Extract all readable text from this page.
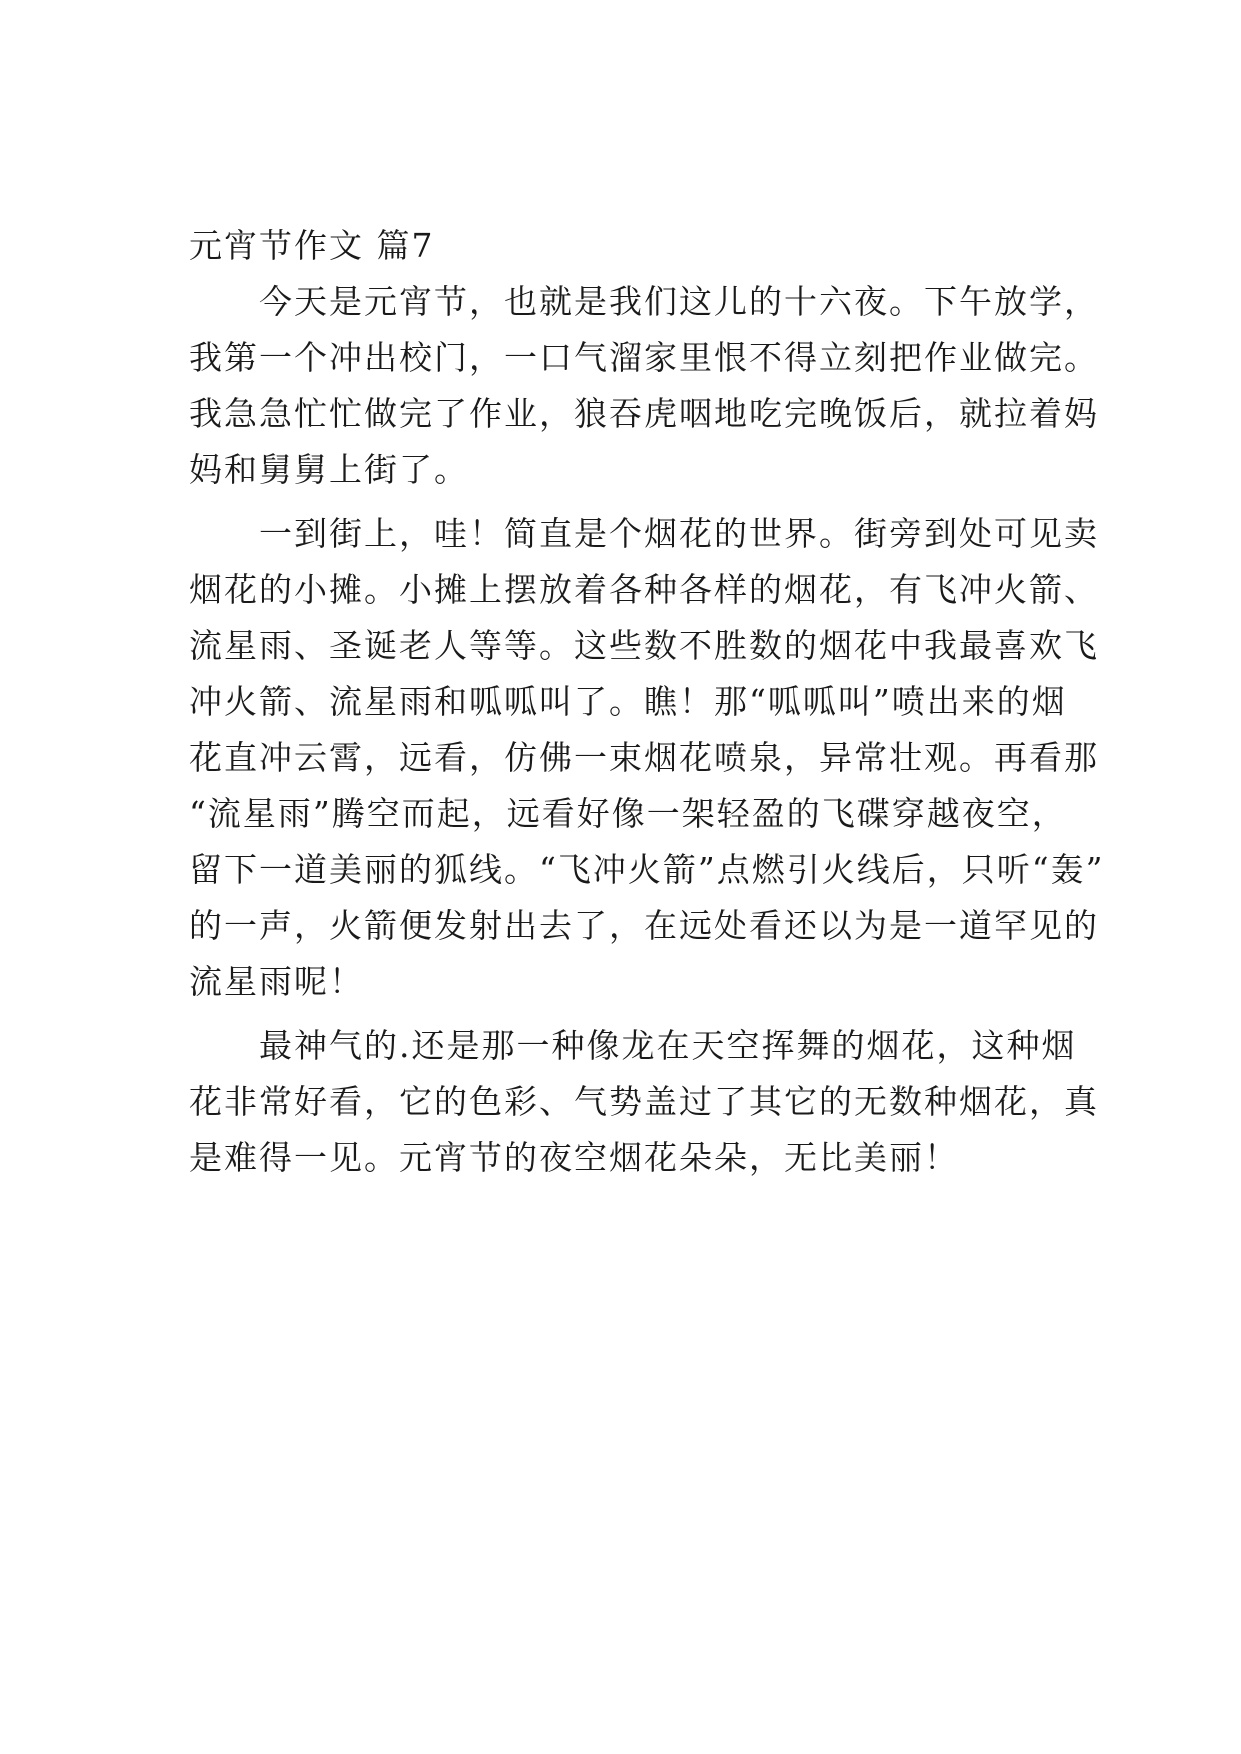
元宵节作文 篇7
今天是元宵节，也就是我们这儿的十六夜。下午放学，
我第一个冲出校门，一口气溜家里恨不得立刻把作业做完。
我急急忙忙做完了作业，狼吞虎咽地吃完晚饭后，就拉着妈
妈和舅舅上街了。
一到街上，哇！简直是个烟花的世界。街旁到处可见卖
烟花的小摊。小摊上摆放着各种各样的烟花，有飞冲火箭、
流星雨、圣诞老人等等。这些数不胜数的烟花中我最喜欢飞
冲火箭、流星雨和呱呱叫了。瞧！那“呱呱叫”喷出来的烟
花直冲云霄，远看，仿佛一束烟花喷泉，异常壮观。再看那
“流星雨”腾空而起，远看好像一架轻盈的飞碟穿越夜空，
留下一道美丽的狐线。“飞冲火箭”点燃引火线后，只听“轰”
的一声，火箭便发射出去了，在远处看还以为是一道罕见的
流星雨呢！
最神气的.还是那一种像龙在天空挥舞的烟花，这种烟
花非常好看，它的色彩、气势盖过了其它的无数种烟花，真
是难得一见。元宵节的夜空烟花朵朵，无比美丽！
